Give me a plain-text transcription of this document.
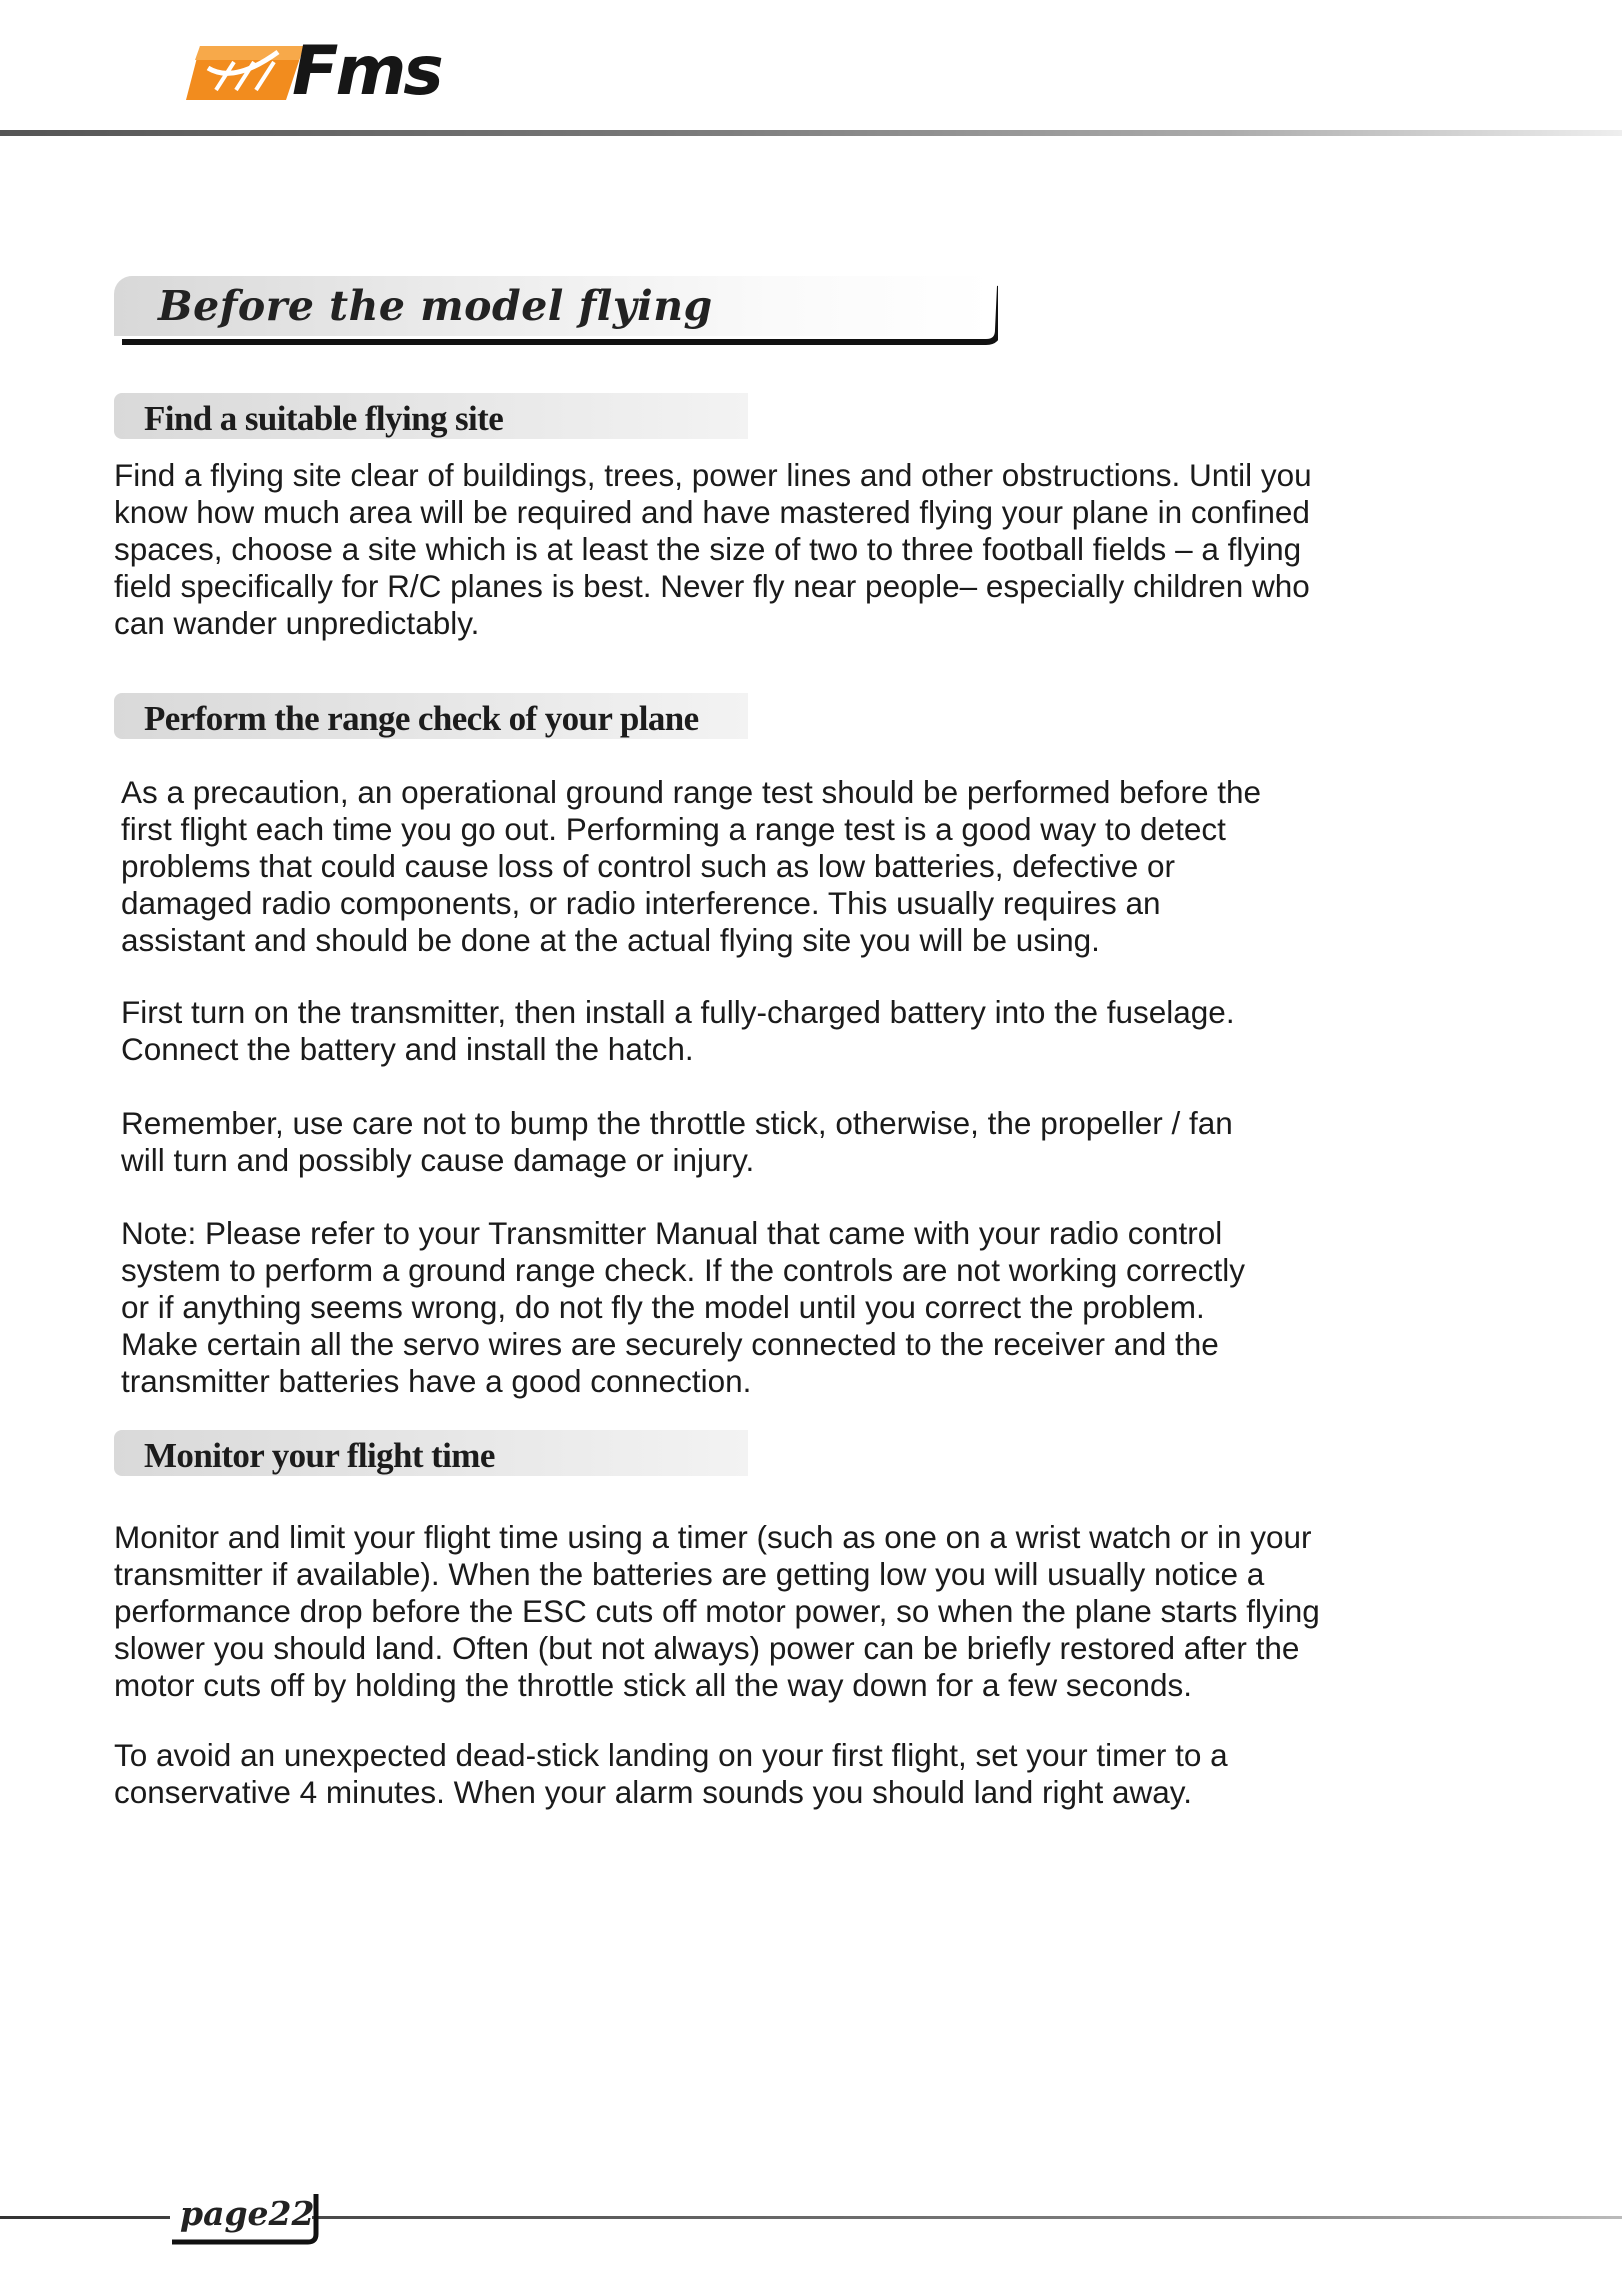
Fms
Before the model flying
Find a suitable flying site

Find a flying site clear of buildings, trees, power lines and other obstructions. Until you
know how much area will be required and have mastered flying your plane in confined
spaces, choose a site which is at least the size of two to three football fields – a flying
field specifically for R/C planes is best. Never fly near people– especially children who
can wander unpredictably.

Perform the range check of your plane

As a precaution, an operational ground range test should be performed before the
first flight each time you go out. Performing a range test is a good way to detect
problems that could cause loss of control such as low batteries, defective or
damaged radio components, or radio interference. This usually requires an
assistant and should be done at the actual flying site you will be using.

First turn on the transmitter, then install a fully-charged battery into the fuselage.
Connect the battery and install the hatch.

Remember, use care not to bump the throttle stick, otherwise, the propeller / fan
will turn and possibly cause damage or injury.

Note: Please refer to your Transmitter Manual that came with your radio control
system to perform a ground range check. If the controls are not working correctly
or if anything seems wrong, do not fly the model until you correct the problem.
Make certain all the servo wires are securely connected to the receiver and the
transmitter batteries have a good connection.

Monitor your flight time

Monitor and limit your flight time using a timer (such as one on a wrist watch or in your
transmitter if available). When the batteries are getting low you will usually notice a
performance drop before the ESC cuts off motor power, so when the plane starts flying
slower you should land. Often (but not always) power can be briefly restored after the
motor cuts off by holding the throttle stick all the way down for a few seconds.

To avoid an unexpected dead-stick landing on your first flight, set your timer to a
conservative 4 minutes. When your alarm sounds you should land right away.

page22
